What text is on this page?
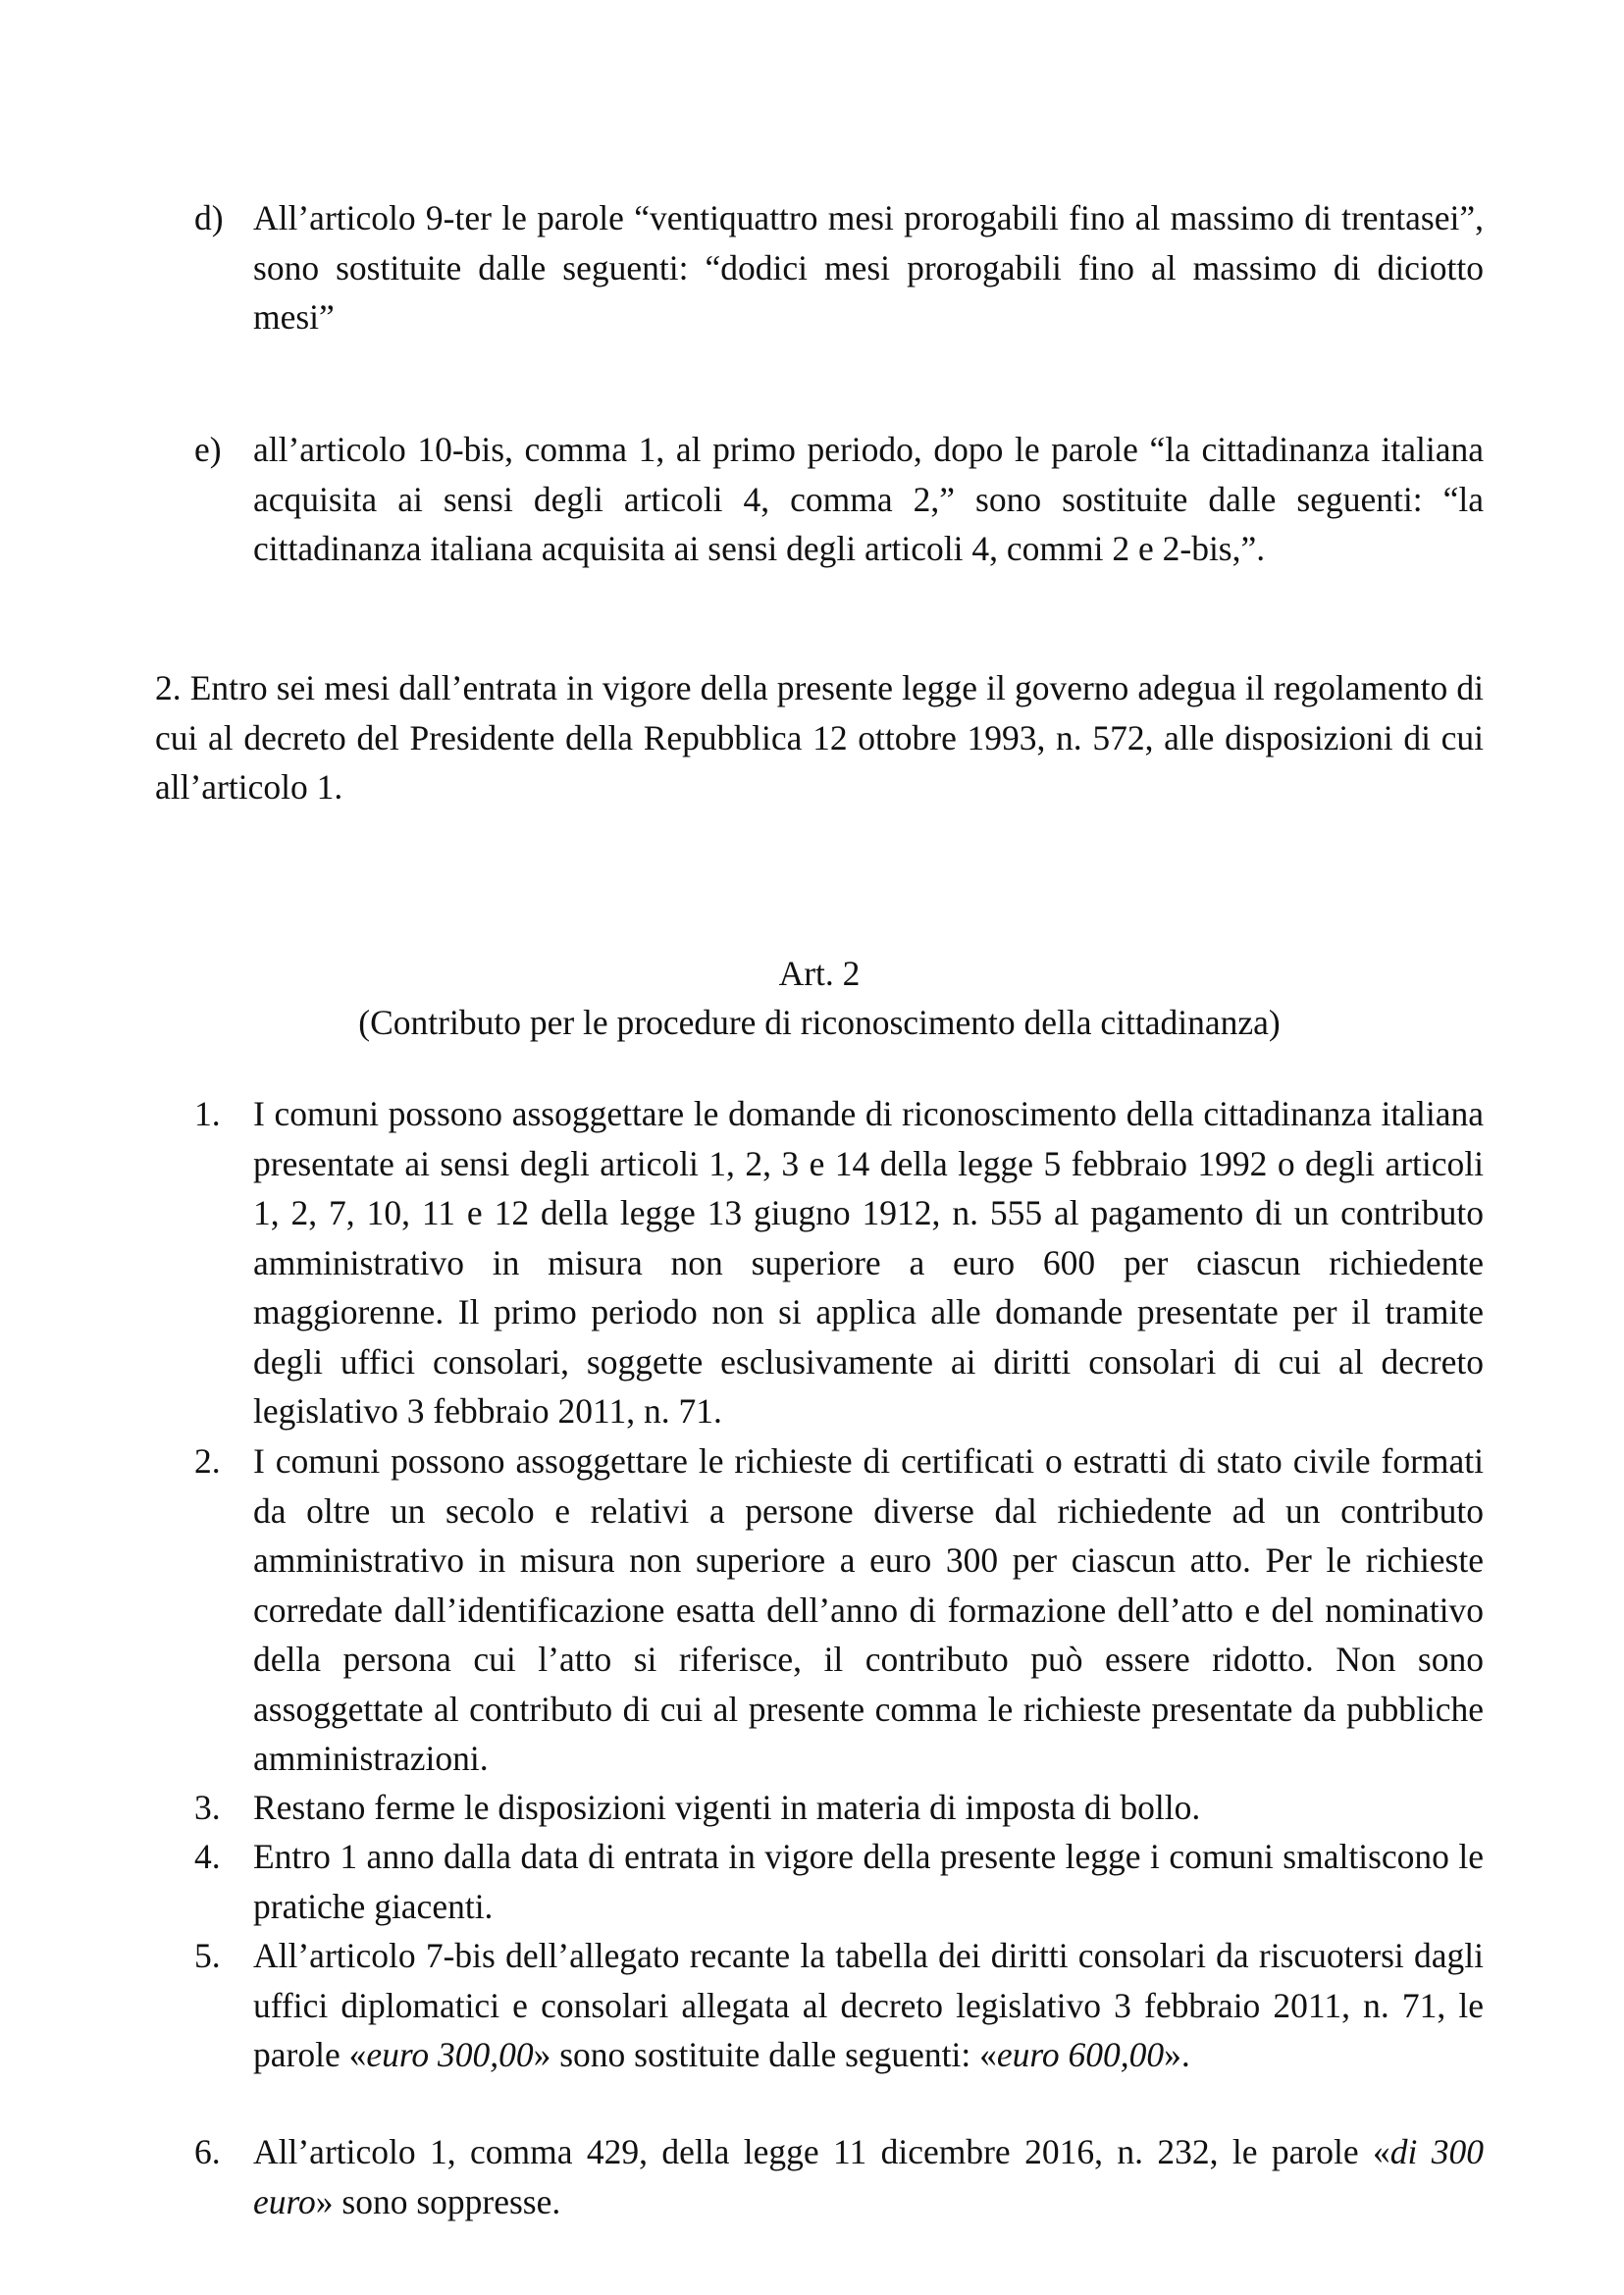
d) All’articolo 9-ter le parole “ventiquattro mesi prorogabili fino al massimo di trentasei”, sono sostituite dalle seguenti: “dodici mesi prorogabili fino al massimo di diciotto mesi”
e) all’articolo 10-bis, comma 1, al primo periodo, dopo le parole “la cittadinanza italiana acquisita ai sensi degli articoli 4, comma 2,” sono sostituite dalle seguenti: “la cittadinanza italiana acquisita ai sensi degli articoli 4, commi 2 e 2-bis,”.
2. Entro sei mesi dall’entrata in vigore della presente legge il governo adegua il regolamento di cui al decreto del Presidente della Repubblica 12 ottobre 1993, n. 572, alle disposizioni di cui all’articolo 1.
Art. 2
(Contributo per le procedure di riconoscimento della cittadinanza)
1. I comuni possono assoggettare le domande di riconoscimento della cittadinanza italiana presentate ai sensi degli articoli 1, 2, 3 e 14 della legge 5 febbraio 1992 o degli articoli 1, 2, 7, 10, 11 e 12 della legge 13 giugno 1912, n. 555 al pagamento di un contributo amministrativo in misura non superiore a euro 600 per ciascun richiedente maggiorenne. Il primo periodo non si applica alle domande presentate per il tramite degli uffici consolari, soggette esclusivamente ai diritti consolari di cui al decreto legislativo 3 febbraio 2011, n. 71.
2. I comuni possono assoggettare le richieste di certificati o estratti di stato civile formati da oltre un secolo e relativi a persone diverse dal richiedente ad un contributo amministrativo in misura non superiore a euro 300 per ciascun atto. Per le richieste corredate dall’identificazione esatta dell’anno di formazione dell’atto e del nominativo della persona cui l’atto si riferisce, il contributo può essere ridotto. Non sono assoggettate al contributo di cui al presente comma le richieste presentate da pubbliche amministrazioni.
3. Restano ferme le disposizioni vigenti in materia di imposta di bollo.
4. Entro 1 anno dalla data di entrata in vigore della presente legge i comuni smaltiscono le pratiche giacenti.
5. All’articolo 7-bis dell’allegato recante la tabella dei diritti consolari da riscuotersi dagli uffici diplomatici e consolari allegata al decreto legislativo 3 febbraio 2011, n. 71, le parole «euro 300,00» sono sostituite dalle seguenti: «euro 600,00».
6. All’articolo 1, comma 429, della legge 11 dicembre 2016, n. 232, le parole «di 300 euro» sono soppresse.
